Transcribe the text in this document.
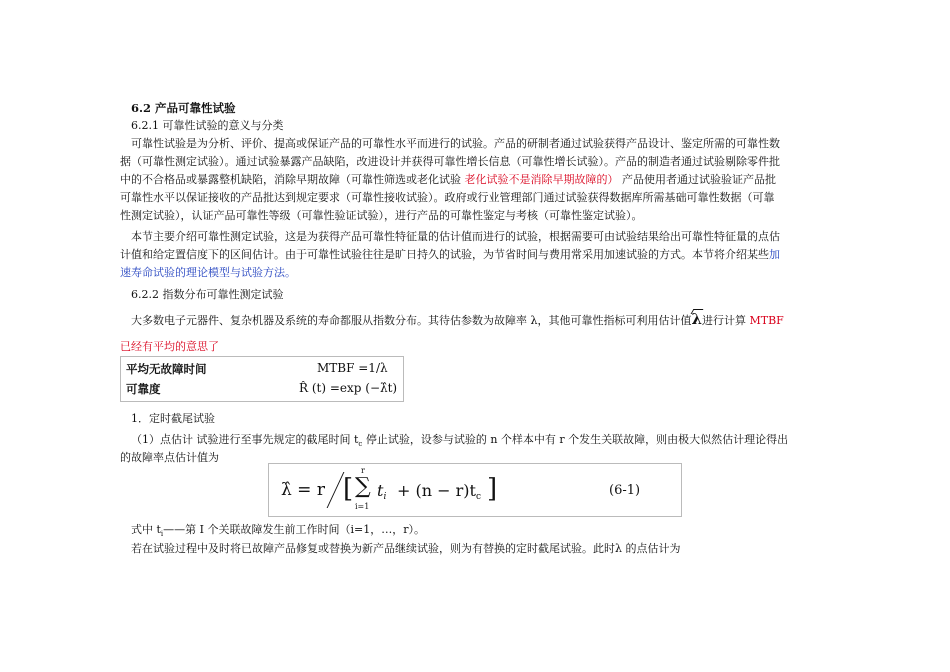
6.2 产品可靠性试验
6.2.1 可靠性试验的意义与分类
可靠性试验是为分析、评价、提高或保证产品的可靠性水平而进行的试验。产品的研制者通过试验获得产品设计、鉴定所需的可靠性数
据（可靠性测定试验）。通过试验暴露产品缺陷，改进设计并获得可靠性增长信息（可靠性增长试验）。产品的制造者通过试验剔除零件批
中的不合格品或暴露整机缺陷，消除早期故障（可靠性筛选或老化试验 老化试验不是消除早期故障的） 产品使用者通过试验验证产品批
可靠性水平以保证接收的产品批达到规定要求（可靠性接收试验）。政府或行业管理部门通过试验获得数据库所需基础可靠性数据（可靠
性测定试验），认证产品可靠性等级（可靠性验证试验），进行产品的可靠性鉴定与考核（可靠性鉴定试验）。
本节主要介绍可靠性测定试验，这是为获得产品可靠性特征量的估计值而进行的试验，根据需要可由试验结果给出可靠性特征量的点估
计值和给定置信度下的区间估计。由于可靠性试验往往是旷日持久的试验，为节省时间与费用常采用加速试验的方式。本节将介绍某些加
速寿命试验的理论模型与试验方法。
6.2.2 指数分布可靠性测定试验
大多数电子元器件、复杂机器及系统的寿命都服从指数分布。其待估参数为故障率 λ，其他可靠性指标可利用估计值λ进行计算 MTBF
已经有平均的意思了
平均无故障时间	MTBF =1/λ
可靠度	R̂ (t) =exp (−λ̂t)
1．定时截尾试验
（1）点估计 试验进行至事先规定的截尾时间 $t_c$ 停止试验，设参与试验的 n 个样本中有 r 个发生关联故障，则由极大似然估计理论得出
的故障率点估计值为
λ̂ = r [
r
∑
i=1
$t_i + (n - r)t_c$ ]	(6-1)
式中 $t_i——$第 I 个关联故障发生前工作时间（i=1，…，r）。
若在试验过程中及时将已故障产品修复或替换为新产品继续试验，则为有替换的定时截尾试验。此时λ 的点估计为
